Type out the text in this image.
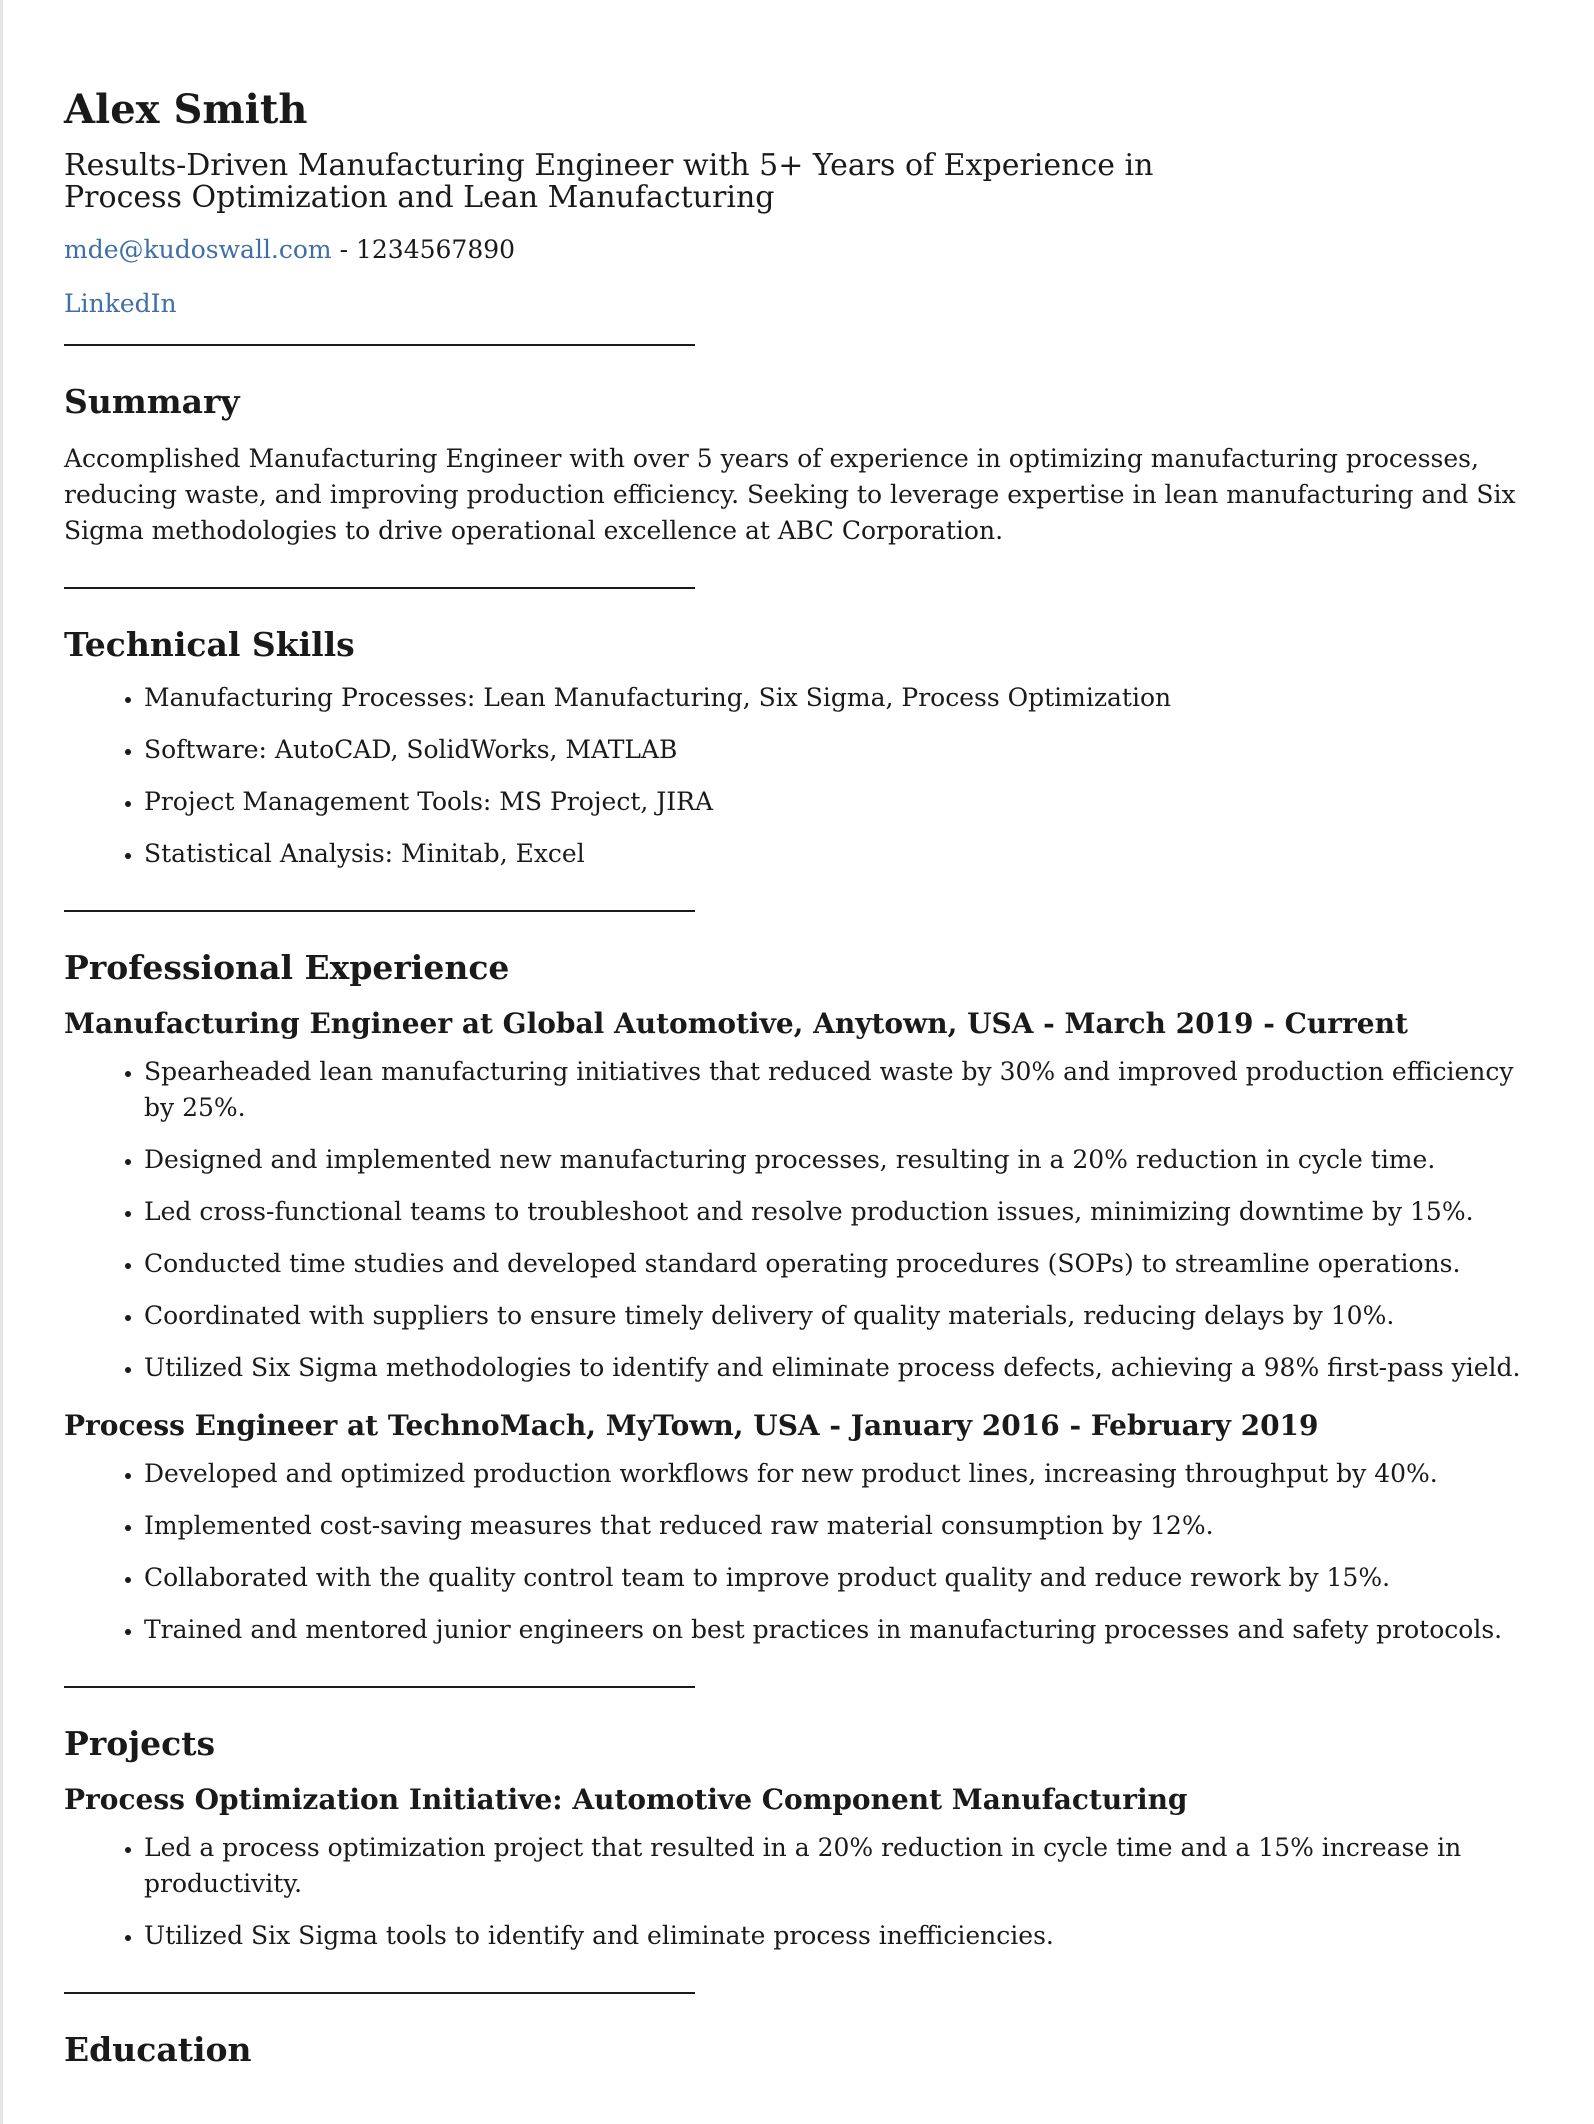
Alex Smith
Results-Driven Manufacturing Engineer with 5+ Years of Experience in
Process Optimization and Lean Manufacturing
mde@kudoswall.com - 1234567890
LinkedIn
Summary

Accomplished Manufacturing Engineer with over 5 years of experience in optimizing manufacturing processes, reducing waste, and improving production efficiency. Seeking to leverage expertise in lean manufacturing and Six Sigma methodologies to drive operational excellence at ABC Corporation.

Technical Skills
• Manufacturing Processes: Lean Manufacturing, Six Sigma, Process Optimization
• Software: AutoCAD, SolidWorks, MATLAB
• Project Management Tools: MS Project, JIRA
• Statistical Analysis: Minitab, Excel
Professional Experience
Manufacturing Engineer at Global Automotive, Anytown, USA - March 2019 - Current
• Spearheaded lean manufacturing initiatives that reduced waste by 30% and improved production efficiency by 25%.
• Designed and implemented new manufacturing processes, resulting in a 20% reduction in cycle time.
• Led cross-functional teams to troubleshoot and resolve production issues, minimizing downtime by 15%.
• Conducted time studies and developed standard operating procedures (SOPs) to streamline operations.
• Coordinated with suppliers to ensure timely delivery of quality materials, reducing delays by 10%.
• Utilized Six Sigma methodologies to identify and eliminate process defects, achieving a 98% first-pass yield.
Process Engineer at TechnoMach, MyTown, USA - January 2016 - February 2019
• Developed and optimized production workflows for new product lines, increasing throughput by 40%.
• Implemented cost-saving measures that reduced raw material consumption by 12%.
• Collaborated with the quality control team to improve product quality and reduce rework by 15%.
• Trained and mentored junior engineers on best practices in manufacturing processes and safety protocols.
Projects
Process Optimization Initiative: Automotive Component Manufacturing
• Led a process optimization project that resulted in a 20% reduction in cycle time and a 15% increase in productivity.
• Utilized Six Sigma tools to identify and eliminate process inefficiencies.
Education
